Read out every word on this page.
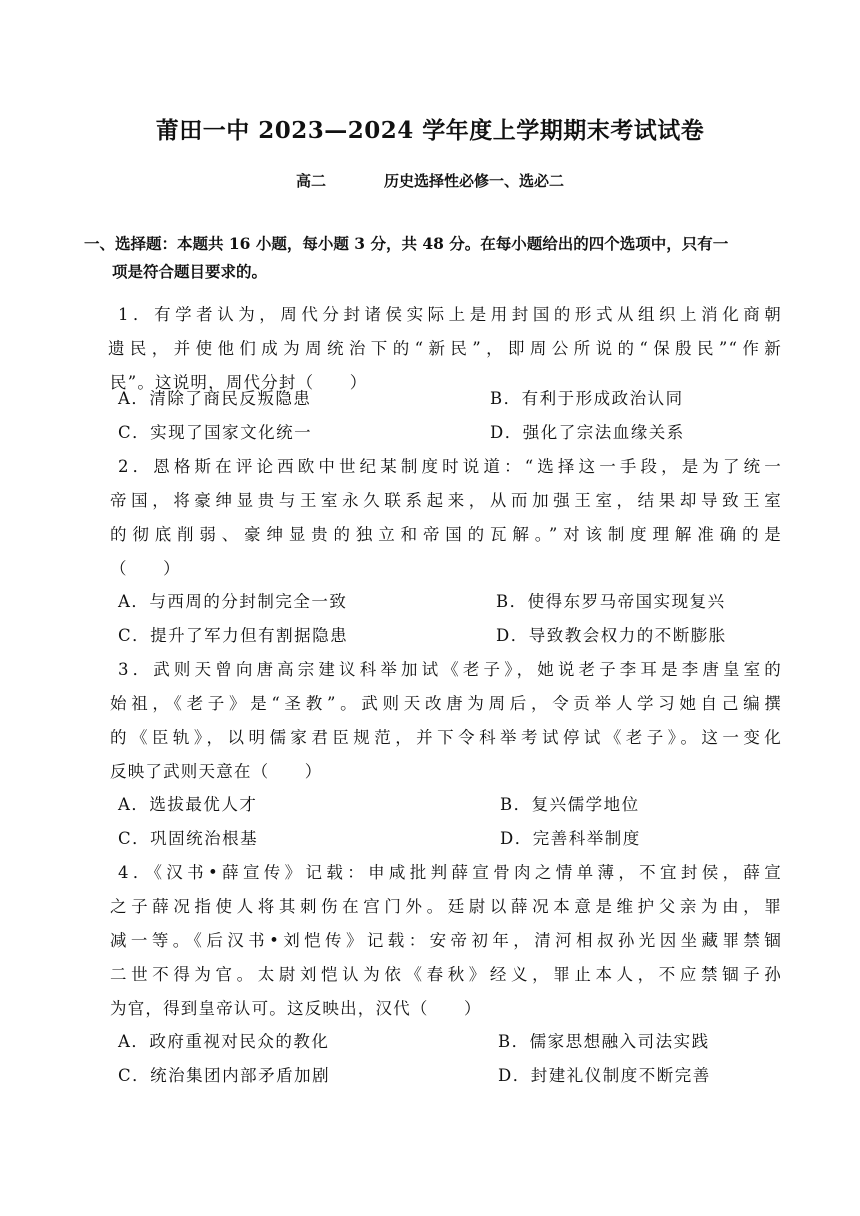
莆田一中 2023—2024 学年度上学期期末考试试卷
高二	历史选择性必修一、选必二
一、选择题：本题共 16 小题，每小题 3 分，共 48 分。在每小题给出的四个选项中，只有一
项是符合题目要求的。
1．有学者认为，周代分封诸侯实际上是用封国的形式从组织上消化商朝
遗民，并使他们成为周统治下的“新民”，即周公所说的“保殷民”“作新
民”。这说明，周代分封（　　）
A．清除了商民反叛隐患	B．有利于形成政治认同
C．实现了国家文化统一	D．强化了宗法血缘关系
2．恩格斯在评论西欧中世纪某制度时说道：“选择这一手段，是为了统一
帝国，将豪绅显贵与王室永久联系起来，从而加强王室，结果却导致王室
的彻底削弱、豪绅显贵的独立和帝国的瓦解。”对该制度理解准确的是
（　　）
A．与西周的分封制完全一致	B．使得东罗马帝国实现复兴
C．提升了军力但有割据隐患	D．导致教会权力的不断膨胀
3．武则天曾向唐高宗建议科举加试《老子》，她说老子李耳是李唐皇室的
始祖，《老子》是“圣教”。武则天改唐为周后，令贡举人学习她自己编撰
的《臣轨》，以明儒家君臣规范，并下令科举考试停试《老子》。这一变化
反映了武则天意在（　　）
A．选拔最优人才	B．复兴儒学地位
C．巩固统治根基	D．完善科举制度
4．《汉书•薛宣传》记载：申咸批判薛宣骨肉之情单薄，不宜封侯，薛宣
之子薛况指使人将其刺伤在宫门外。廷尉以薛况本意是维护父亲为由，罪
减一等。《后汉书•刘恺传》记载：安帝初年，清河相叔孙光因坐藏罪禁锢
二世不得为官。太尉刘恺认为依《春秋》经义，罪止本人，不应禁锢子孙
为官，得到皇帝认可。这反映出，汉代（　　）
A．政府重视对民众的教化	B．儒家思想融入司法实践
C．统治集团内部矛盾加剧	D．封建礼仪制度不断完善
